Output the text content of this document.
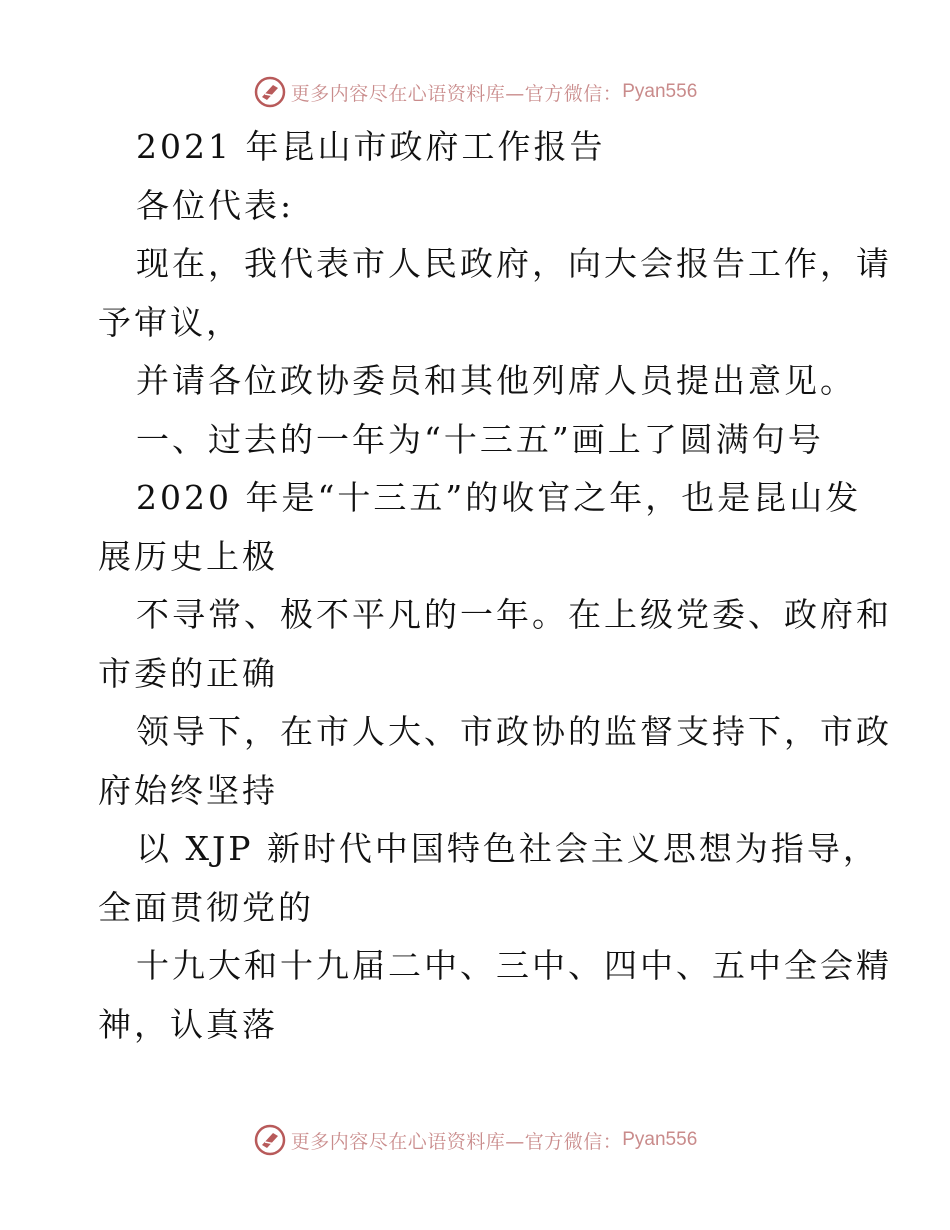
更多内容尽在心语资料库—官方微信： Pyan556
2021 年昆山市政府工作报告
各位代表:
现在，我代表市人民政府，向大会报告工作，请
予审议，
并请各位政协委员和其他列席人员提出意见。
一、过去的一年为“十三五”画上了圆满句号
2020 年是“十三五”的收官之年，也是昆山发
展历史上极
不寻常、极不平凡的一年。在上级党委、政府和
市委的正确
领导下，在市人大、市政协的监督支持下，市政
府始终坚持
以 XJP 新时代中国特色社会主义思想为指导，
全面贯彻党的
十九大和十九届二中、三中、四中、五中全会精
神，认真落
更多内容尽在心语资料库—官方微信： Pyan556
